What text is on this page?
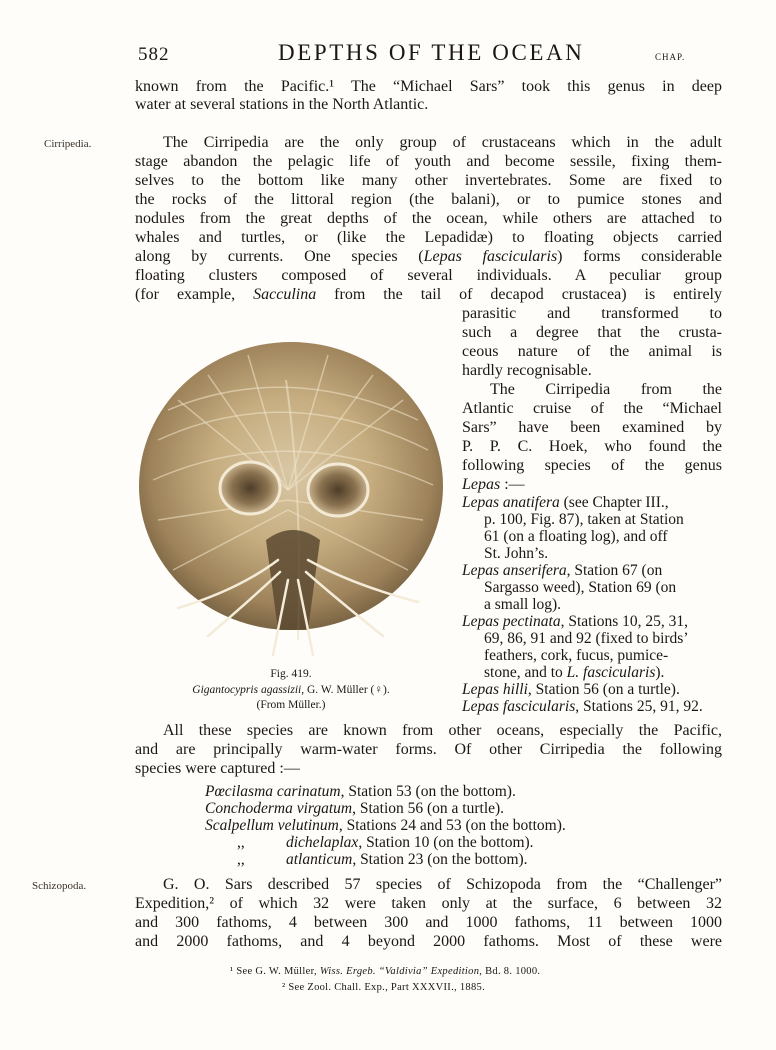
582	DEPTHS OF THE OCEAN	CHAP.
known from the Pacific.¹ The “Michael Sars” took this genus in deep
water at several stations in the North Atlantic.
Cirripedia.	The Cirripedia are the only group of crustaceans which in the adult
stage abandon the pelagic life of youth and become sessile, fixing them-
selves to the bottom like many other invertebrates. Some are fixed to
the rocks of the littoral region (the balani), or to pumice stones and
nodules from the great depths of the ocean, while others are attached to
whales and turtles, or (like the Lepadidæ) to floating objects carried
along by currents. One species (Lepas fascicularis) forms considerable
floating clusters composed of several individuals. A peculiar group
(for example, Sacculina from the tail of decapod crustacea) is entirely
parasitic and transformed to
such a degree that the crusta-
ceous nature of the animal is
hardly recognisable.
The Cirripedia from the
Atlantic cruise of the “Michael
Sars” have been examined by
P. P. C. Hoek, who found the
following species of the genus
Lepas :—
Lepas anatifera (see Chapter III.,
p. 100, Fig. 87), taken at Station
61 (on a floating log), and off
St. John’s.
Lepas anserifera, Station 67 (on
Sargasso weed), Station 69 (on
a small log).
Lepas pectinata, Stations 10, 25, 31,
69, 86, 91 and 92 (fixed to birds’
feathers, cork, fucus, pumice-
stone, and to L. fascicularis).
Lepas hilli, Station 56 (on a turtle).
Lepas fascicularis, Stations 25, 91, 92.
Fig. 419.
Gigantocypris agassizii, G. W. Müller (♀).
(From Müller.)
All these species are known from other oceans, especially the Pacific,
and are principally warm-water forms. Of other Cirripedia the following
species were captured :—
Pœcilasma carinatum, Station 53 (on the bottom).
Conchoderma virgatum, Station 56 (on a turtle).
Scalpellum velutinum, Stations 24 and 53 (on the bottom).
,,	dichelaplax, Station 10 (on the bottom).
,,	atlanticum, Station 23 (on the bottom).
Schizopoda.	G. O. Sars described 57 species of Schizopoda from the “Challenger”
Expedition,² of which 32 were taken only at the surface, 6 between 32
and 300 fathoms, 4 between 300 and 1000 fathoms, 11 between 1000
and 2000 fathoms, and 4 beyond 2000 fathoms. Most of these were
¹ See G. W. Müller, Wiss. Ergeb. “Valdivia” Expedition, Bd. 8. 1000.
² See Zool. Chall. Exp., Part XXXVII., 1885.
